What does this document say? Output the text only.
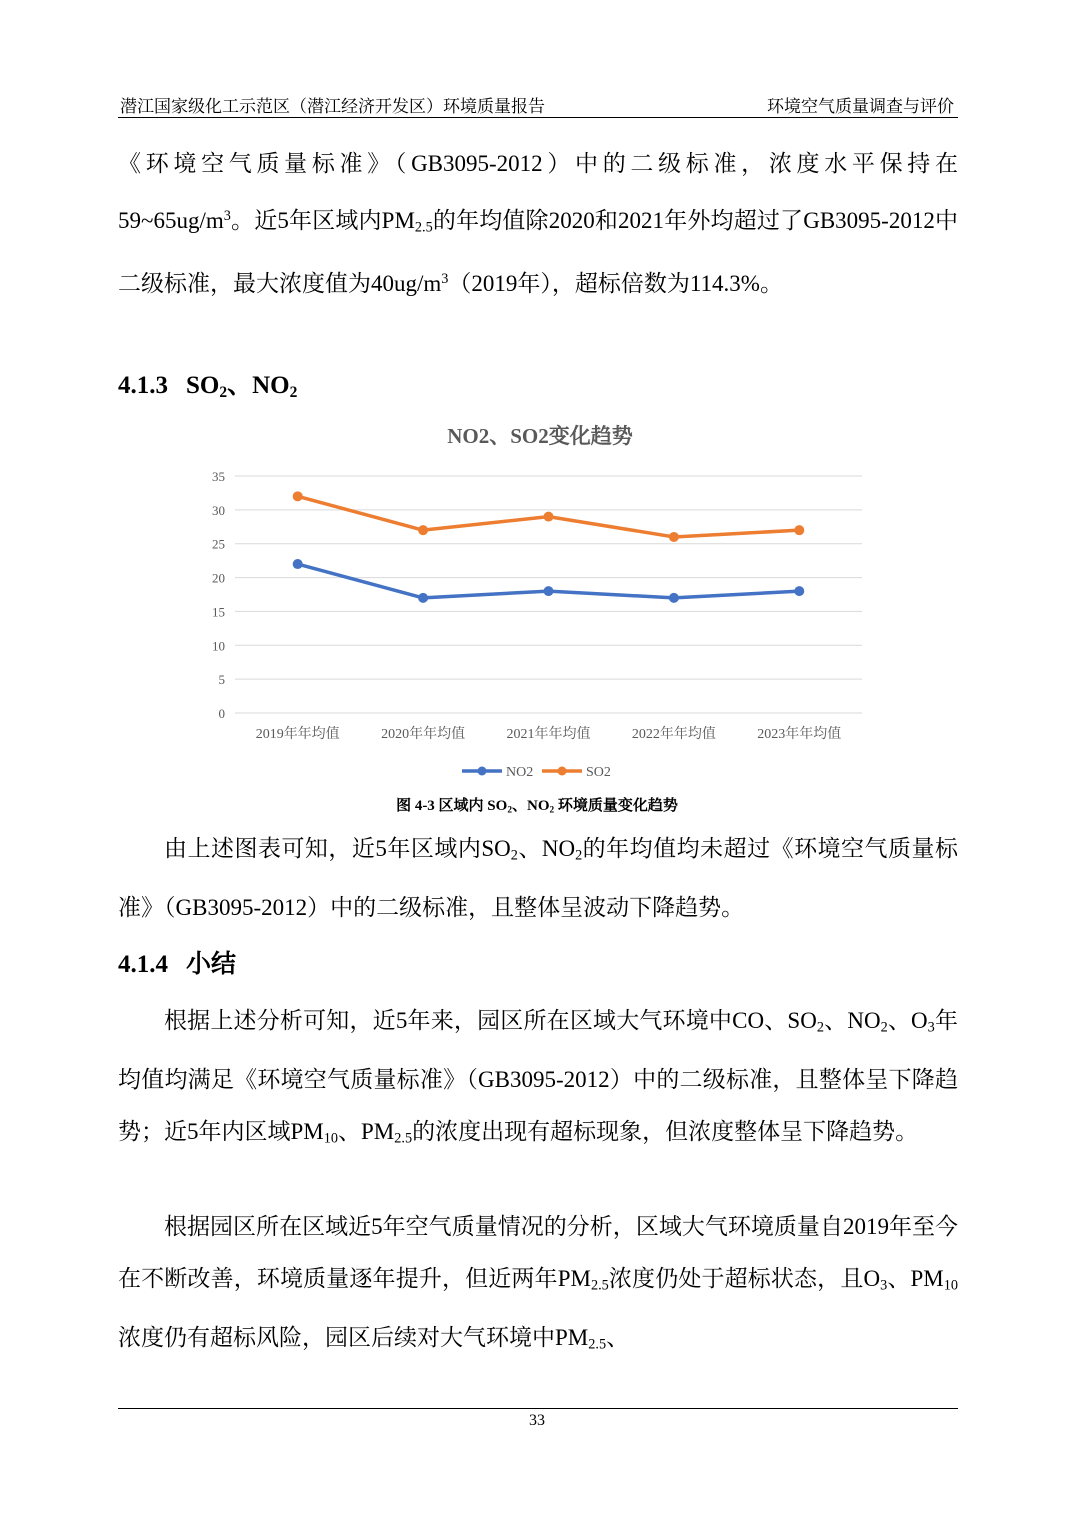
潜江国家级化工示范区（潜江经济开发区）环境质量报告	环境空气质量调查与评价

《环境空气质量标准》（GB3095-2012）中的二级标准，浓度水平保持在$59\sim 65ug/m^3$。近5年区域内$PM_{2.5}$的年均值除2020和2021年外均超过了GB3095-2012中二级标准，最大浓度值为$40ug/m^3(2019$年），超标倍数为114.3%。

4.1.3 $SO_2$、$NO_2$
NO2、SO2变化趋势
0
5
10
15
20
25
30
35
2019年年均值	2020年年均值	2021年年均值	2022年年均值	2023年年均值
NO2	SO2
图 4-3 区域内 $SO_2$、$NO_2$ 环境质量变化趋势

由上述图表可知，近5年区域内$SO_2$、$NO_2$的年均值均未超过《环境空气质量标准》（GB3095-2012）中的二级标准，且整体呈波动下降趋势。

4.1.4 小结

根据上述分析可知，近5年来，园区所在区域大气环境中CO、$SO_2$、$NO_2$、$O_3$年均值均满足《环境空气质量标准》（GB3095-2012）中的二级标准，且整体呈下降趋势；近5年内区域$PM_{10}$、$PM_{2.5}$的浓度出现有超标现象，但浓度整体呈下降趋势。

根据园区所在区域近5年空气质量情况的分析，区域大气环境质量自2019年至今在不断改善，环境质量逐年提升，但近两年$PM_{2.5}$浓度仍处于超标状态，且$O_3$、$PM_{10}$浓度仍有超标风险，园区后续对大气环境中$PM_{2.5}$、

33
